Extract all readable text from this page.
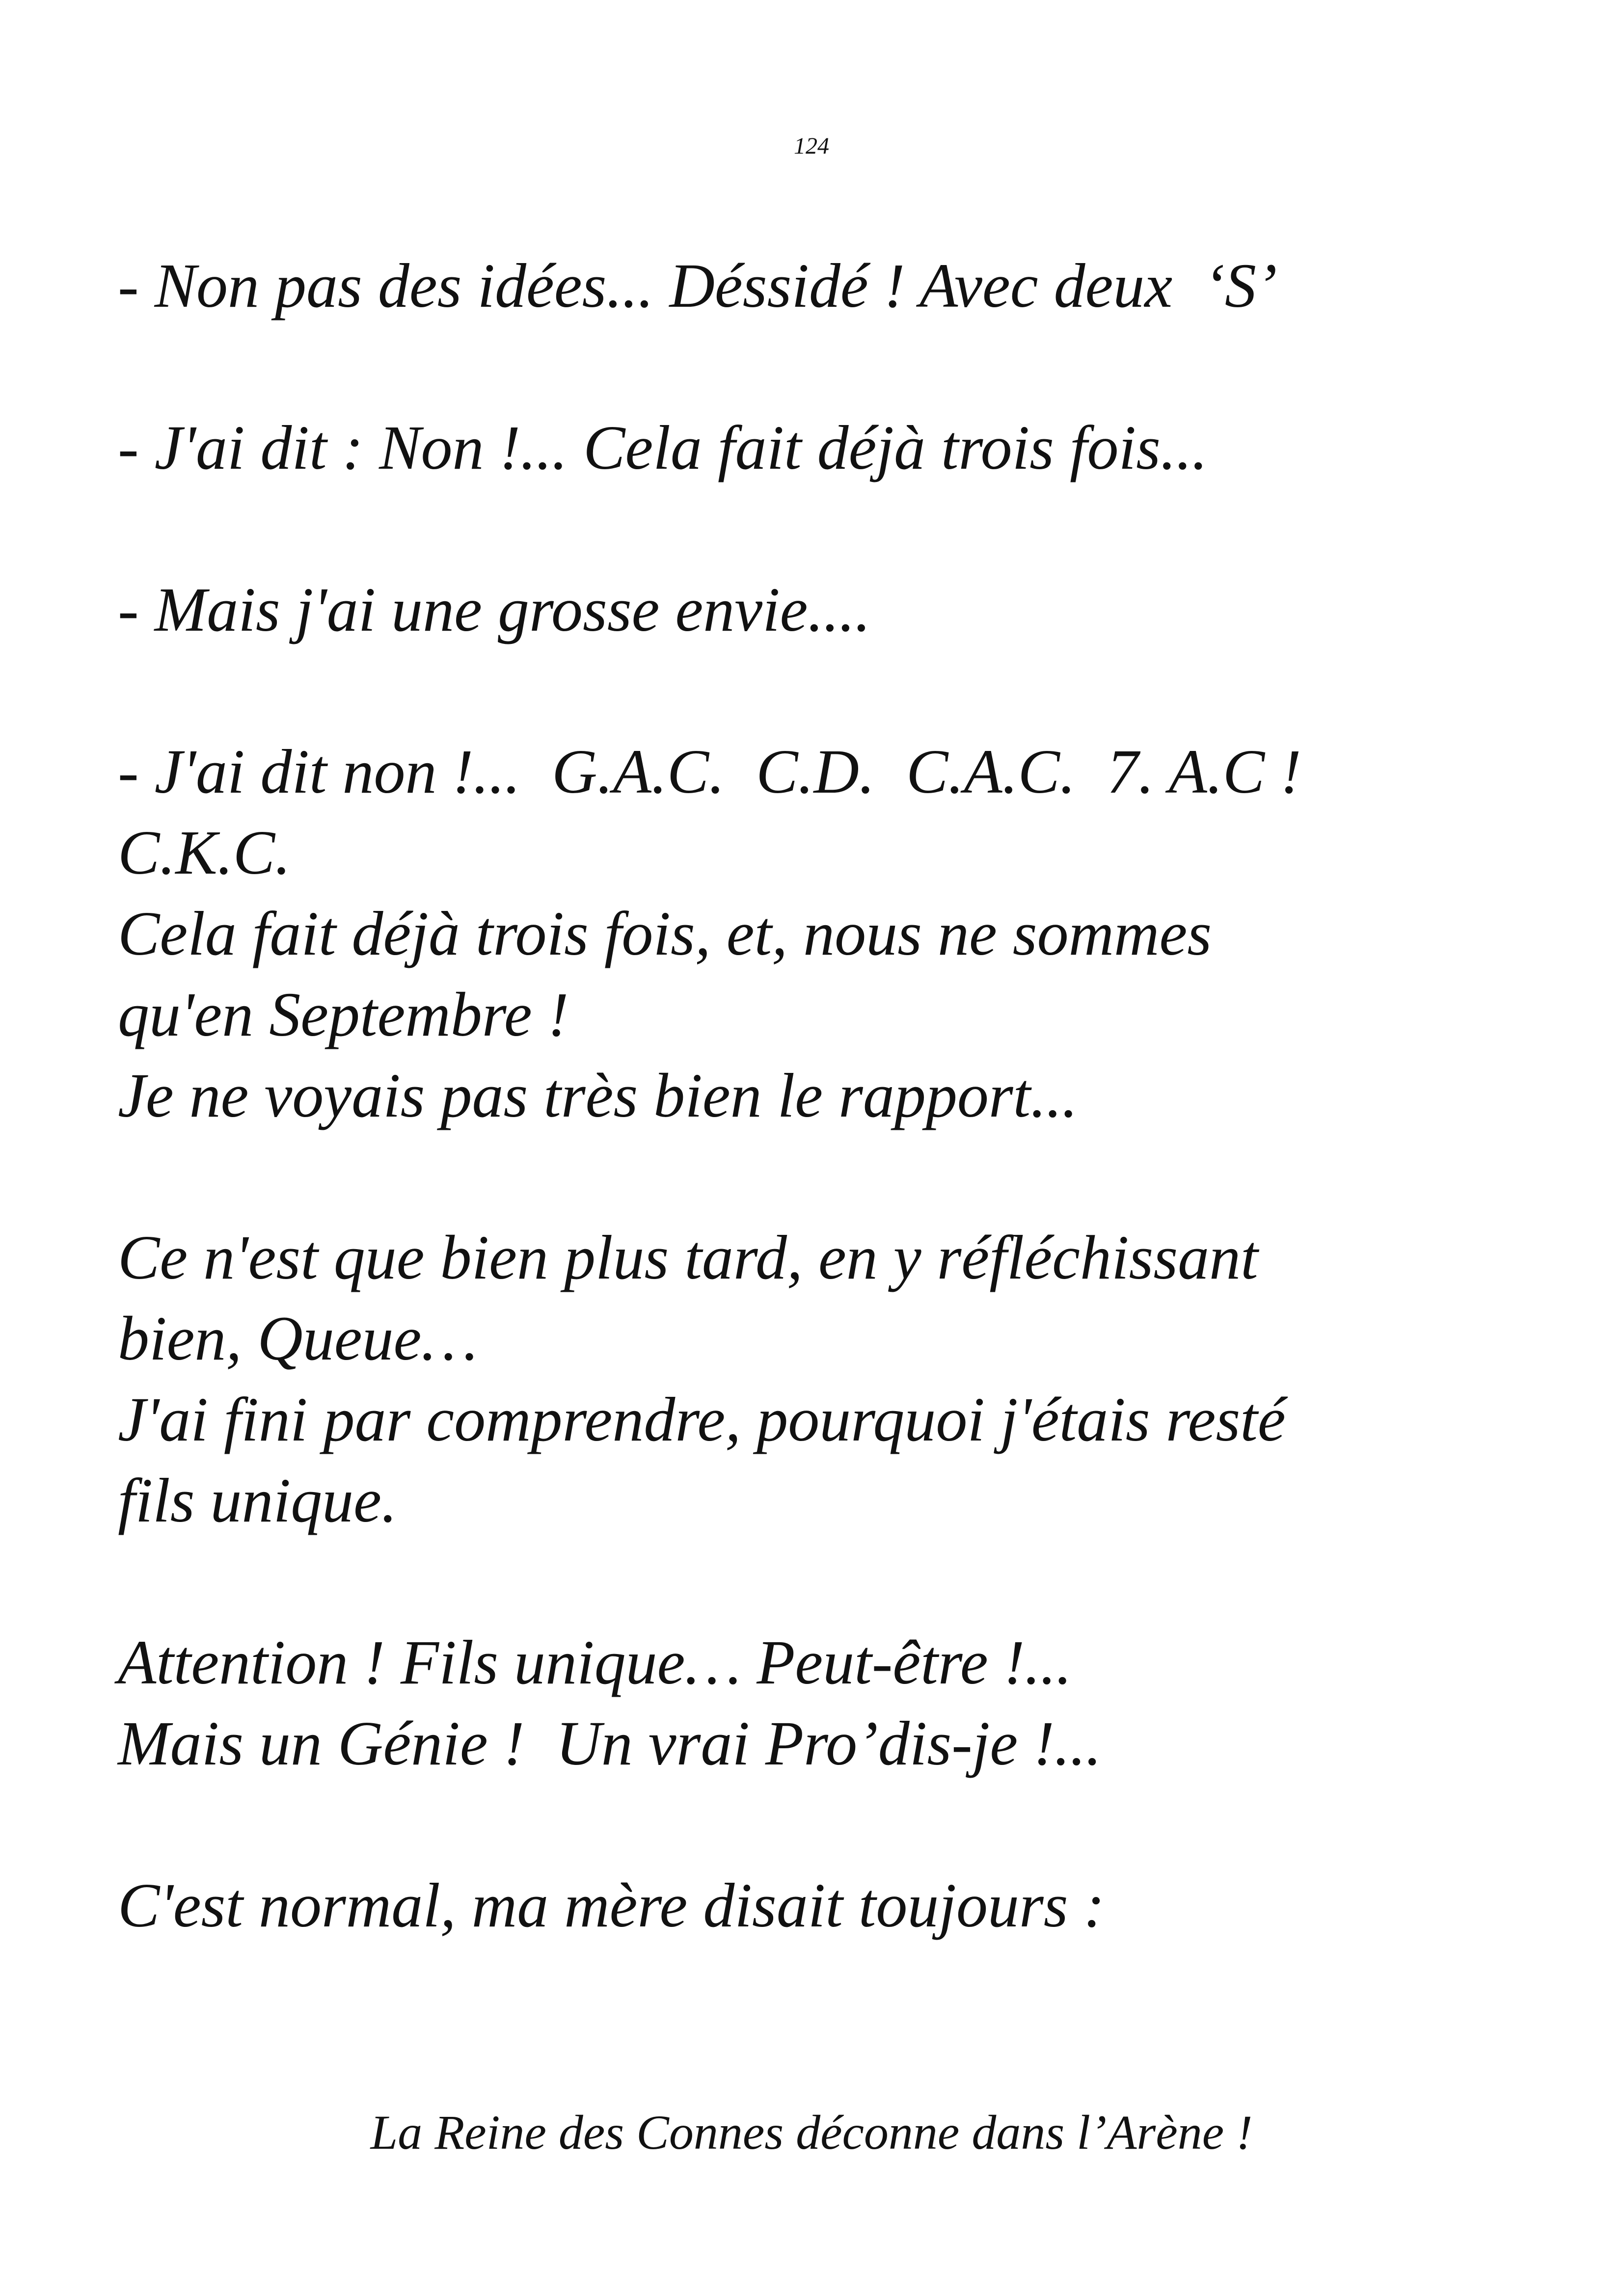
124
- Non pas des idées... Déssidé ! Avec deux  ‘S’
- J'ai dit : Non !... Cela fait déjà trois fois...
- Mais j'ai une grosse envie....
- J'ai dit non !...  G.A.C.  C.D.  C.A.C.  7. A.C !
C.K.C.
Cela fait déjà trois fois, et, nous ne sommes
qu'en Septembre !
Je ne voyais pas très bien le rapport...
Ce n'est que bien plus tard, en y réfléchissant
bien, Queue…
J'ai fini par comprendre, pourquoi j'étais resté
fils unique.
Attention ! Fils unique… Peut-être !...
Mais un Génie !  Un vrai Pro’dis-je !...
C'est normal, ma mère disait toujours :
La Reine des Connes déconne dans l’Arène !
